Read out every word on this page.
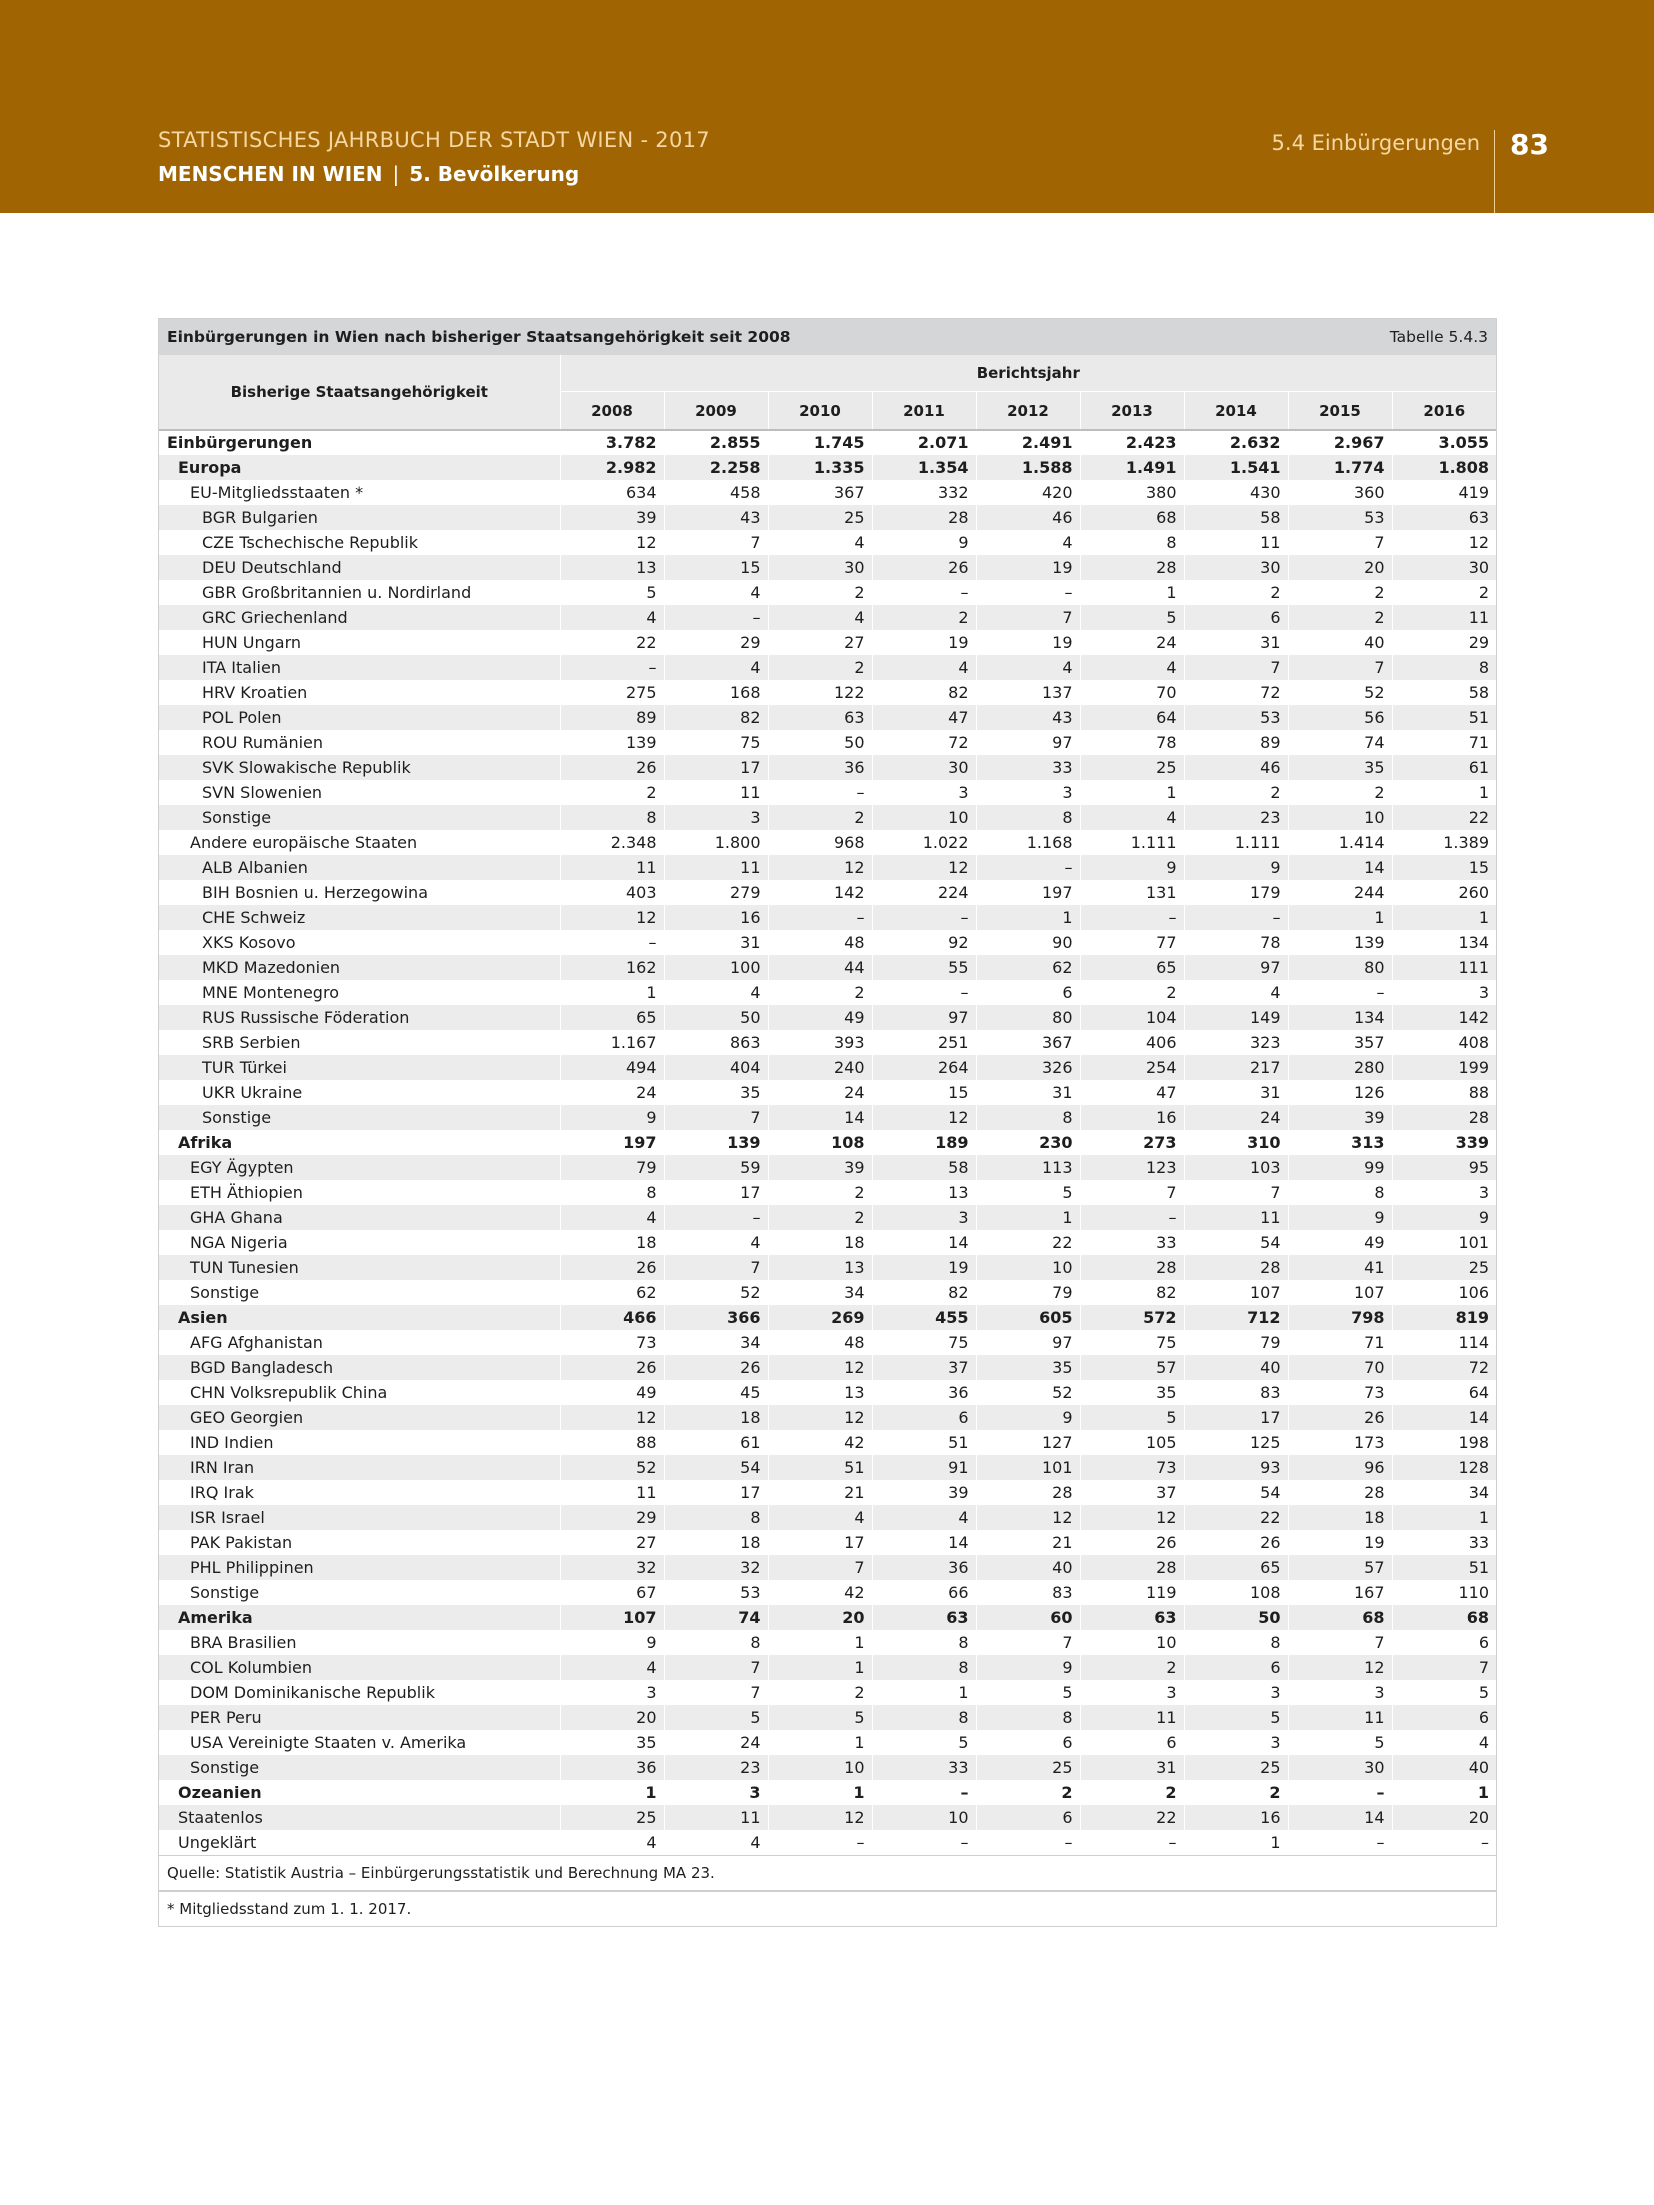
STATISTISCHES JAHRBUCH DER STADT WIEN - 2017
MENSCHEN IN WIEN | 5. Bevölkerung
5.4 Einbürgerungen 83
Einbürgerungen in Wien nach bisheriger Staatsangehörigkeit seit 2008	Tabelle 5.4.3
Bisherige Staatsangehörigkeit	Berichtsjahr								
	2008	2009	2010	2011	2012	2013	2014	2015	2016
Einbürgerungen	3.782	2.855	1.745	2.071	2.491	2.423	2.632	2.967	3.055
Europa	2.982	2.258	1.335	1.354	1.588	1.491	1.541	1.774	1.808
EU-Mitgliedsstaaten *	634	458	367	332	420	380	430	360	419
BGR Bulgarien	39	43	25	28	46	68	58	53	63
CZE Tschechische Republik	12	7	4	9	4	8	11	7	12
DEU Deutschland	13	15	30	26	19	28	30	20	30
GBR Großbritannien u. Nordirland	5	4	2	–	–	1	2	2	2
GRC Griechenland	4	–	4	2	7	5	6	2	11
HUN Ungarn	22	29	27	19	19	24	31	40	29
ITA Italien	–	4	2	4	4	4	7	7	8
HRV Kroatien	275	168	122	82	137	70	72	52	58
POL Polen	89	82	63	47	43	64	53	56	51
ROU Rumänien	139	75	50	72	97	78	89	74	71
SVK Slowakische Republik	26	17	36	30	33	25	46	35	61
SVN Slowenien	2	11	–	3	3	1	2	2	1
Sonstige	8	3	2	10	8	4	23	10	22
Andere europäische Staaten	2.348	1.800	968	1.022	1.168	1.111	1.111	1.414	1.389
ALB Albanien	11	11	12	12	–	9	9	14	15
BIH Bosnien u. Herzegowina	403	279	142	224	197	131	179	244	260
CHE Schweiz	12	16	–	–	1	–	–	1	1
XKS Kosovo	–	31	48	92	90	77	78	139	134
MKD Mazedonien	162	100	44	55	62	65	97	80	111
MNE Montenegro	1	4	2	–	6	2	4	–	3
RUS Russische Föderation	65	50	49	97	80	104	149	134	142
SRB Serbien	1.167	863	393	251	367	406	323	357	408
TUR Türkei	494	404	240	264	326	254	217	280	199
UKR Ukraine	24	35	24	15	31	47	31	126	88
Sonstige	9	7	14	12	8	16	24	39	28
Afrika	197	139	108	189	230	273	310	313	339
EGY Ägypten	79	59	39	58	113	123	103	99	95
ETH Äthiopien	8	17	2	13	5	7	7	8	3
GHA Ghana	4	–	2	3	1	–	11	9	9
NGA Nigeria	18	4	18	14	22	33	54	49	101
TUN Tunesien	26	7	13	19	10	28	28	41	25
Sonstige	62	52	34	82	79	82	107	107	106
Asien	466	366	269	455	605	572	712	798	819
AFG Afghanistan	73	34	48	75	97	75	79	71	114
BGD Bangladesch	26	26	12	37	35	57	40	70	72
CHN Volksrepublik China	49	45	13	36	52	35	83	73	64
GEO Georgien	12	18	12	6	9	5	17	26	14
IND Indien	88	61	42	51	127	105	125	173	198
IRN Iran	52	54	51	91	101	73	93	96	128
IRQ Irak	11	17	21	39	28	37	54	28	34
ISR Israel	29	8	4	4	12	12	22	18	1
PAK Pakistan	27	18	17	14	21	26	26	19	33
PHL Philippinen	32	32	7	36	40	28	65	57	51
Sonstige	67	53	42	66	83	119	108	167	110
Amerika	107	74	20	63	60	63	50	68	68
BRA Brasilien	9	8	1	8	7	10	8	7	6
COL Kolumbien	4	7	1	8	9	2	6	12	7
DOM Dominikanische Republik	3	7	2	1	5	3	3	3	5
PER Peru	20	5	5	8	8	11	5	11	6
USA Vereinigte Staaten v. Amerika	35	24	1	5	6	6	3	5	4
Sonstige	36	23	10	33	25	31	25	30	40
Ozeanien	1	3	1	–	2	2	2	–	1
Staatenlos	25	11	12	10	6	22	16	14	20
Ungeklärt	4	4	–	–	–	–	1	–	–
Quelle: Statistik Austria – Einbürgerungsstatistik und Berechnung MA 23.
* Mitgliedsstand zum 1. 1. 2017.
